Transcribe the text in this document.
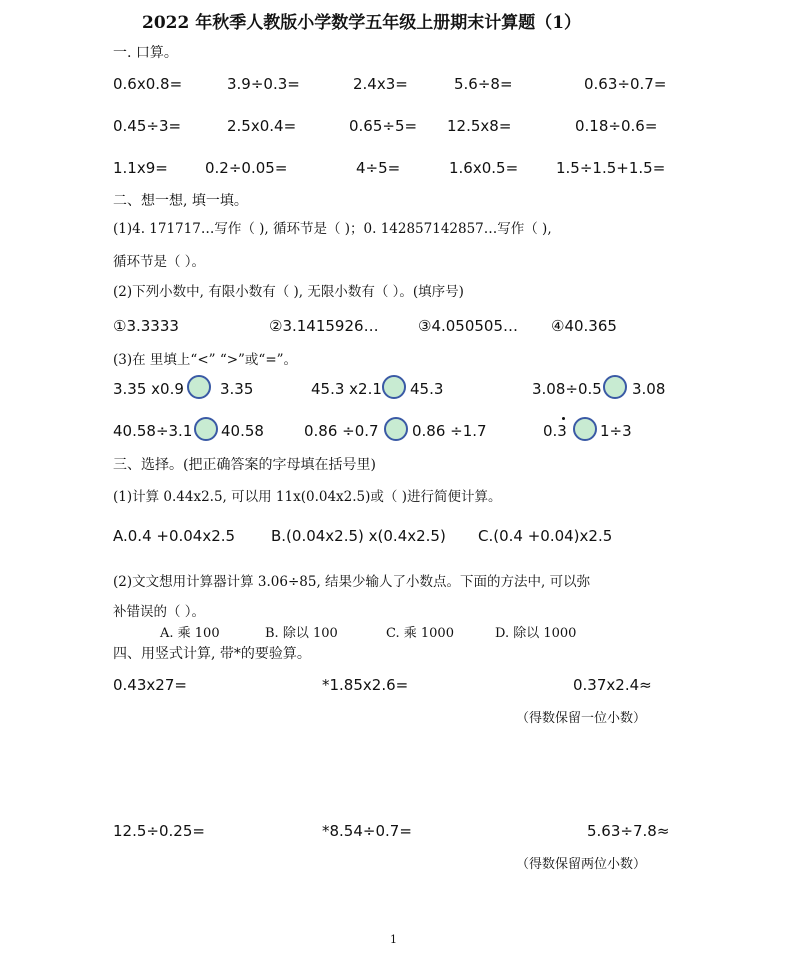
2022 年秋季人教版小学数学五年级上册期末计算题（1）
一. 口算。
0.6x0.8=	3.9÷0.3=	2.4x3=	5.6÷8=	0.63÷0.7=
0.45÷3=	2.5x0.4=	0.65÷5= 12.5x8=	0.18÷0.6=
1.1x9= 0.2÷0.05=	4÷5=	1.6x0.5=	1.5÷1.5+1.5=
二、想一想, 填一填。
(1)4. 171717…写作（ ), 循环节是（ )；0. 142857142857…写作（ ),
循环节是（ ）。
(2)下列小数中, 有限小数有（ ), 无限小数有（ ）。(填序号)
①3.3333	②3.1415926…	③4.050505… ④40.365
(3)在 里填上“<” “>”或“=”。
3.35 x0.9 3.35	45.3 x2.1 45.3	3.08÷0.5 3.08
40.58÷3.1 40.58	0.86 ÷0.7 0.86 ÷1.7	0.3 1÷3
三、选择。(把正确答案的字母填在括号里)
(1)计算 0.44x2.5, 可以用 11x(0.04x2.5)或（ )进行简便计算。
A.0.4 +0.04x2.5 B.(0.04x2.5) x(0.4x2.5) C.(0.4 +0.04)x2.5
(2)文文想用计算器计算 3.06÷85, 结果少输人了小数点。下面的方法中, 可以弥
补错误的（ ）。
A. 乘 100	B. 除以 100	C. 乘 1000	D. 除以 1000
四、用竖式计算, 带*的要验算。
0.43x27=	*1.85x2.6=	0.37x2.4≈
（得数保留一位小数）
12.5÷0.25=	*8.54÷0.7=	5.63÷7.8≈
（得数保留两位小数）
1
